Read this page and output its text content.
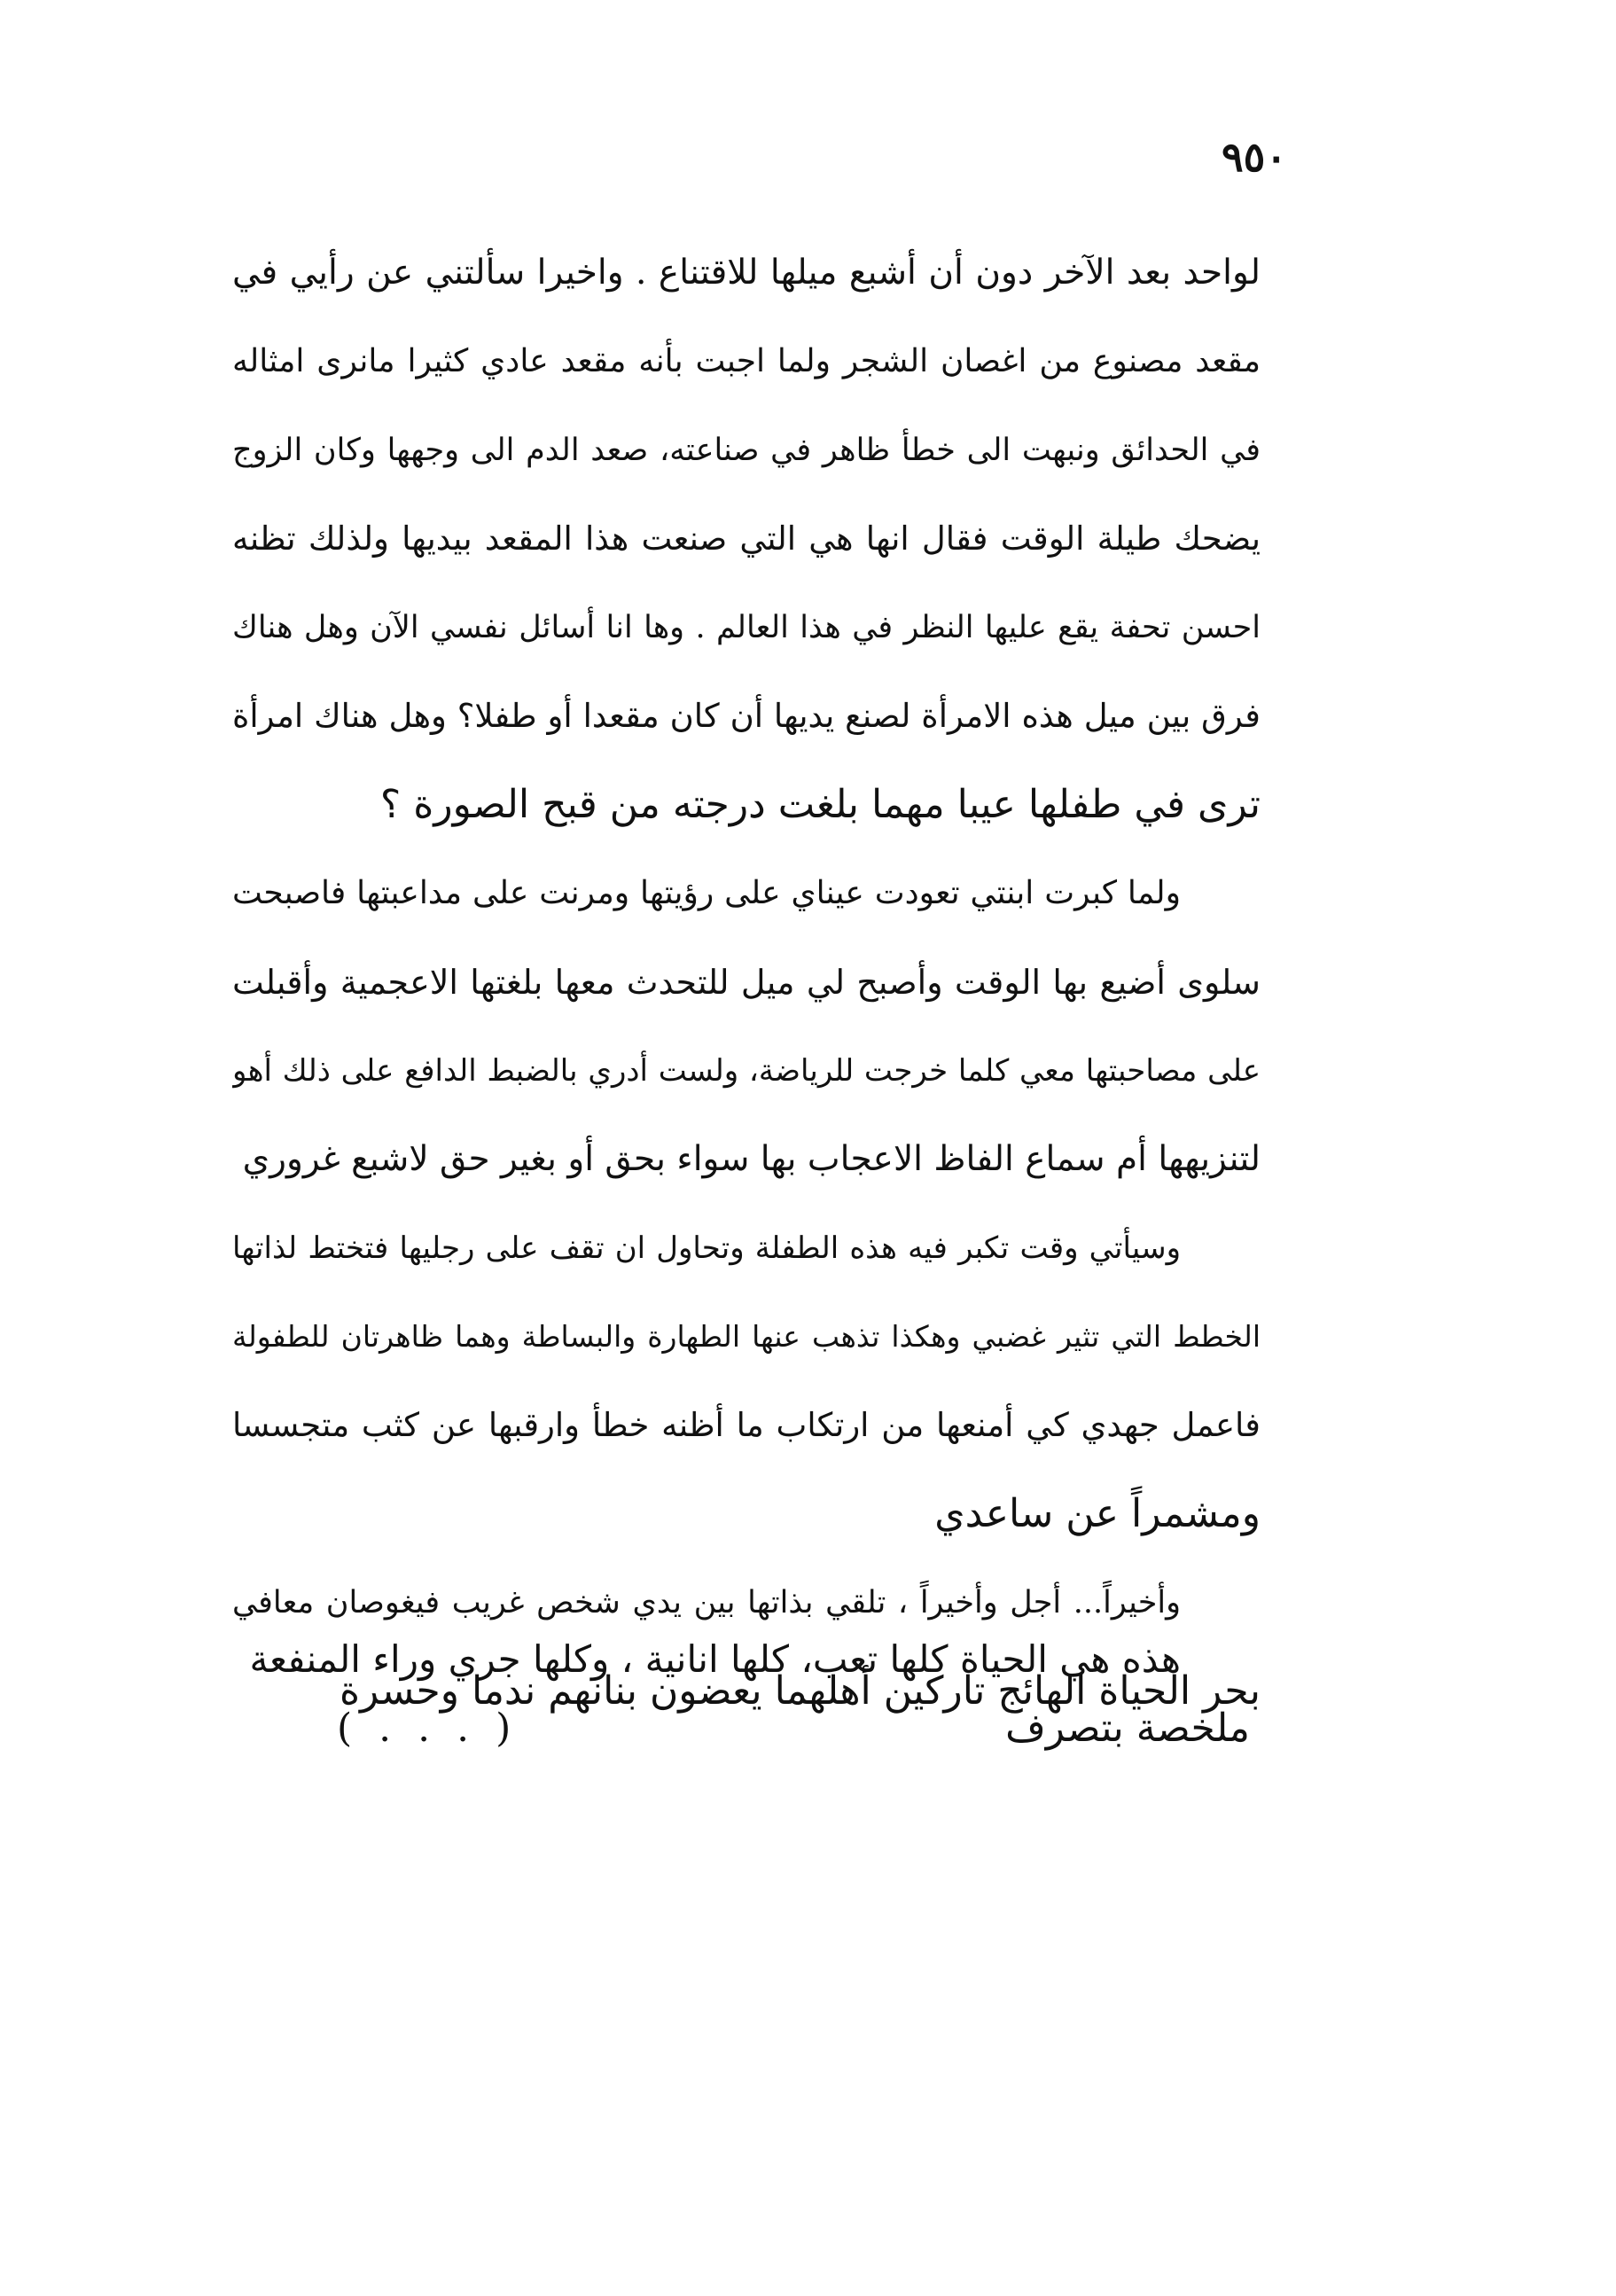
٩٥٠
لواحد بعد الآخر دون أن أشبع ميلها للاقتناع . واخيرا سألتني عن رأيي في
مقعد مصنوع من اغصان الشجر ولما اجبت بأنه مقعد عادي كثيرا مانرى امثاله
في الحدائق ونبهت الى خطأ ظاهر في صناعته، صعد الدم الى وجهها وكان الزوج
يضحك طيلة الوقت فقال انها هي التي صنعت هذا المقعد بيديها ولذلك تظنه
احسن تحفة يقع عليها النظر في هذا العالم . وها انا أسائل نفسي الآن وهل هناك
فرق بين ميل هذه الامرأة لصنع يديها أن كان مقعدا أو طفلا؟ وهل هناك امرأة
ترى في طفلها عيبا مهما بلغت درجته من قبح الصورة ؟
ولما كبرت ابنتي تعودت عيناي على رؤيتها ومرنت على مداعبتها فاصبحت
سلوى أضيع بها الوقت وأصبح لي ميل للتحدث معها بلغتها الاعجمية وأقبلت
على مصاحبتها معي كلما خرجت للرياضة، ولست أدري بالضبط الدافع على ذلك أهو
لتنزيهها أم سماع الفاظ الاعجاب بها سواء بحق أو بغير حق لاشبع غروري
وسيأتي وقت تكبر فيه هذه الطفلة وتحاول ان تقف على رجليها فتختط لذاتها
الخطط التي تثير غضبي وهكذا تذهب عنها الطهارة والبساطة وهما ظاهرتان للطفولة
فاعمل جهدي كي أمنعها من ارتكاب ما أظنه خطأ وارقبها عن كثب متجسسا
ومشمراً عن ساعدي
وأخيراً... أجل وأخيراً ، تلقي بذاتها بين يدي شخص غريب فيغوصان معافي
بحر الحياة الهائج تاركين أهلهما يعضون بنانهم ندما وحسرة
هذه هي الحياة كلها تعب، كلها انانية ، وكلها جري وراء المنفعة
ملخصة بتصرف
( . . . )
